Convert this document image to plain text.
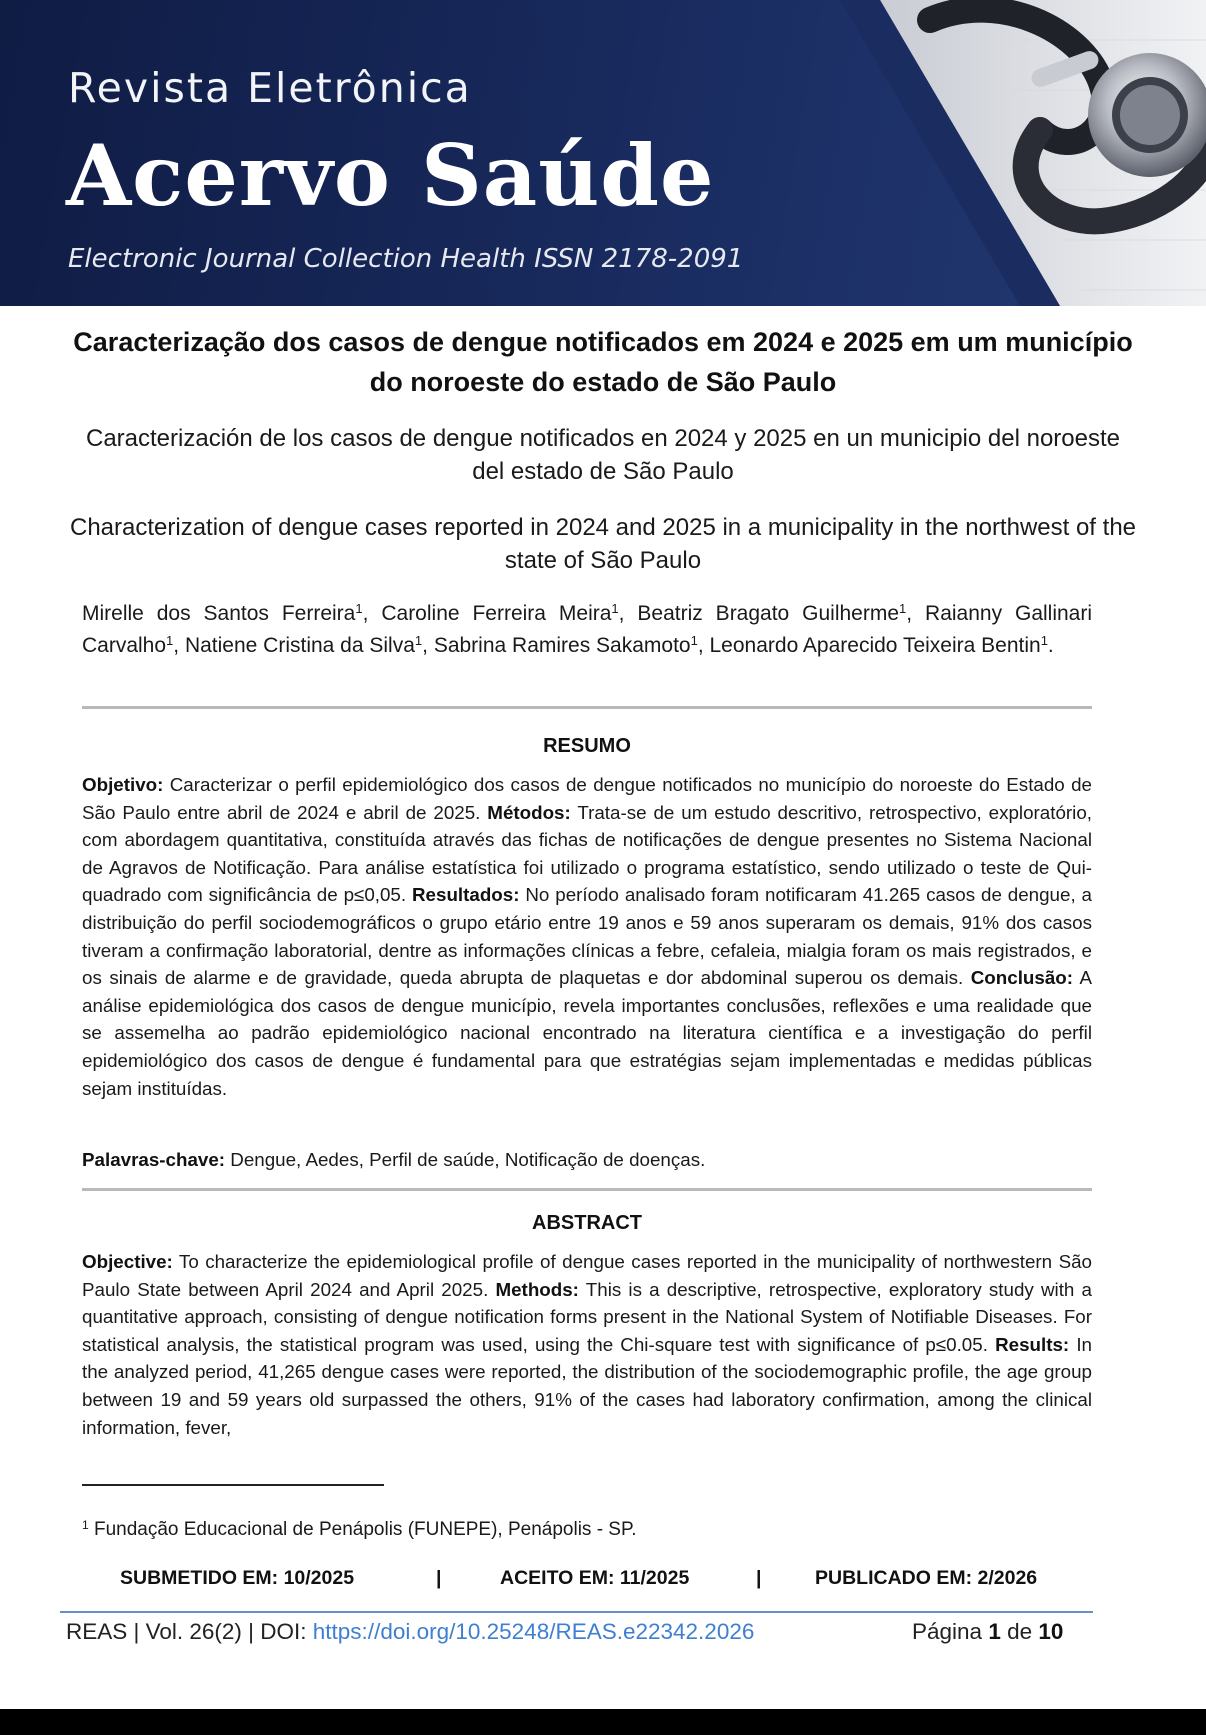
Revista Eletrônica
Acervo Saúde
Electronic Journal Collection Health ISSN 2178-2091
Caracterização dos casos de dengue notificados em 2024 e 2025 em um município do noroeste do estado de São Paulo
Caracterización de los casos de dengue notificados en 2024 y 2025 en un municipio del noroeste del estado de São Paulo
Characterization of dengue cases reported in 2024 and 2025 in a municipality in the northwest of the state of São Paulo
Mirelle dos Santos Ferreira$^1$, Caroline Ferreira Meira$^1$, Beatriz Bragato Guilherme$^1$, Raianny Gallinari Carvalho$^1$, Natiene Cristina da Silva$^1$, Sabrina Ramires Sakamoto$^1$, Leonardo Aparecido Teixeira Bentin$^1$.
RESUMO
Objetivo: Caracterizar o perfil epidemiológico dos casos de dengue notificados no município do noroeste do Estado de São Paulo entre abril de 2024 e abril de 2025. Métodos: Trata-se de um estudo descritivo, retrospectivo, exploratório, com abordagem quantitativa, constituída através das fichas de notificações de dengue presentes no Sistema Nacional de Agravos de Notificação. Para análise estatística foi utilizado o programa estatístico, sendo utilizado o teste de Qui-quadrado com significância de p≤0,05. Resultados: No período analisado foram notificaram 41.265 casos de dengue, a distribuição do perfil sociodemográficos o grupo etário entre 19 anos e 59 anos superaram os demais, 91% dos casos tiveram a confirmação laboratorial, dentre as informações clínicas a febre, cefaleia, mialgia foram os mais registrados, e os sinais de alarme e de gravidade, queda abrupta de plaquetas e dor abdominal superou os demais. Conclusão: A análise epidemiológica dos casos de dengue município, revela importantes conclusões, reflexões e uma realidade que se assemelha ao padrão epidemiológico nacional encontrado na literatura científica e a investigação do perfil epidemiológico dos casos de dengue é fundamental para que estratégias sejam implementadas e medidas públicas sejam instituídas.
Palavras-chave: Dengue, Aedes, Perfil de saúde, Notificação de doenças.
ABSTRACT
Objective: To characterize the epidemiological profile of dengue cases reported in the municipality of northwestern São Paulo State between April 2024 and April 2025. Methods: This is a descriptive, retrospective, exploratory study with a quantitative approach, consisting of dengue notification forms present in the National System of Notifiable Diseases. For statistical analysis, the statistical program was used, using the Chi-square test with significance of p≤0.05. Results: In the analyzed period, 41,265 dengue cases were reported, the distribution of the sociodemographic profile, the age group between 19 and 59 years old surpassed the others, 91% of the cases had laboratory confirmation, among the clinical information, fever,
$^1$ Fundação Educacional de Penápolis (FUNEPE), Penápolis - SP.
SUBMETIDO EM: 10/2025	|	ACEITO EM: 11/2025	|	PUBLICADO EM: 2/2026
REAS | Vol. 26(2) | DOI: https://doi.org/10.25248/REAS.e22342.2026	Página 1 de 10
